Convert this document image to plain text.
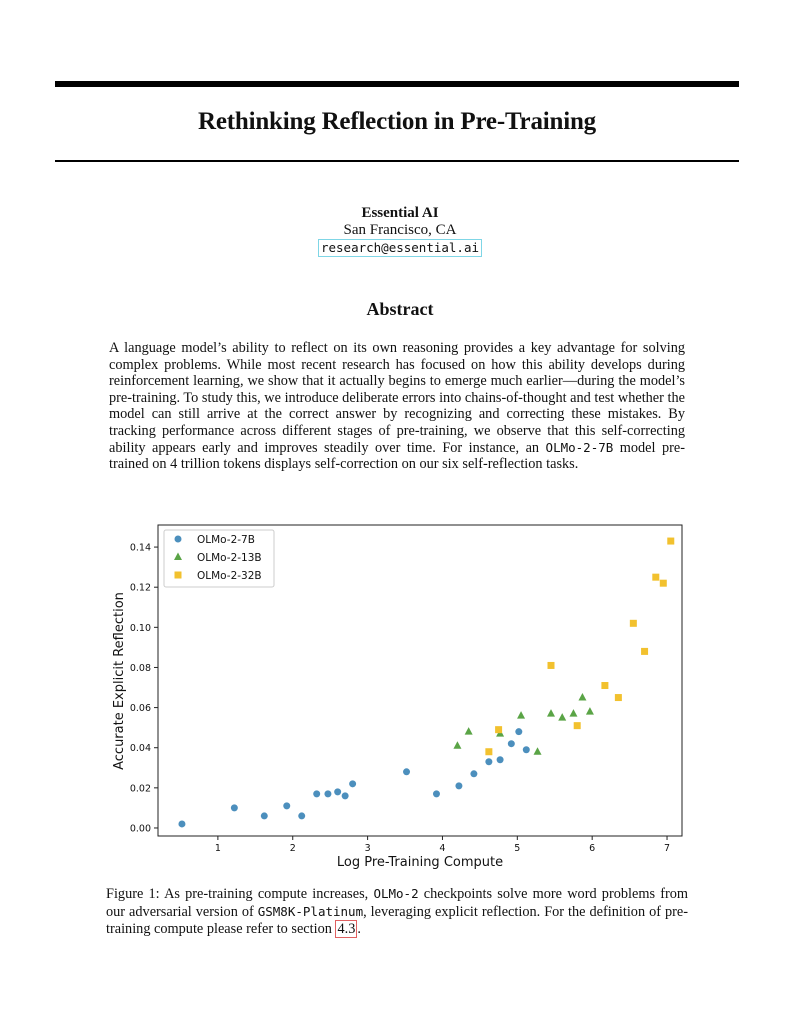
Rethinking Reflection in Pre-Training
Essential AI
San Francisco, CA
research@essential.ai
Abstract

A language model’s ability to reflect on its own reasoning provides a key advantage for solving complex problems. While most recent research has focused on how this ability develops during reinforcement learning, we show that it actually begins to emerge much earlier—during the model’s pre-training. To study this, we introduce deliberate errors into chains-of-thought and test whether the model can still arrive at the correct answer by recognizing and correcting these mistakes. By tracking performance across different stages of pre-training, we observe that this self-correcting ability appears early and improves steadily over time. For instance, an OLMo-2-7B model pre-trained on 4 trillion tokens displays self-correction on our six self-reflection tasks.

1	2	3	4	5	6	7
0.00
0.02
0.04
0.06
0.08
0.10
0.12
0.14
OLMo-2-7B
OLMo-2-13B
OLMo-2-32B
Log Pre-Training Compute
Accurate Explicit Reflection

Figure 1: As pre-training compute increases, OLMo-2 checkpoints solve more word problems from our adversarial version of GSM8K-Platinum, leveraging explicit reflection. For the definition of pre-training compute please refer to section 4.3 .
